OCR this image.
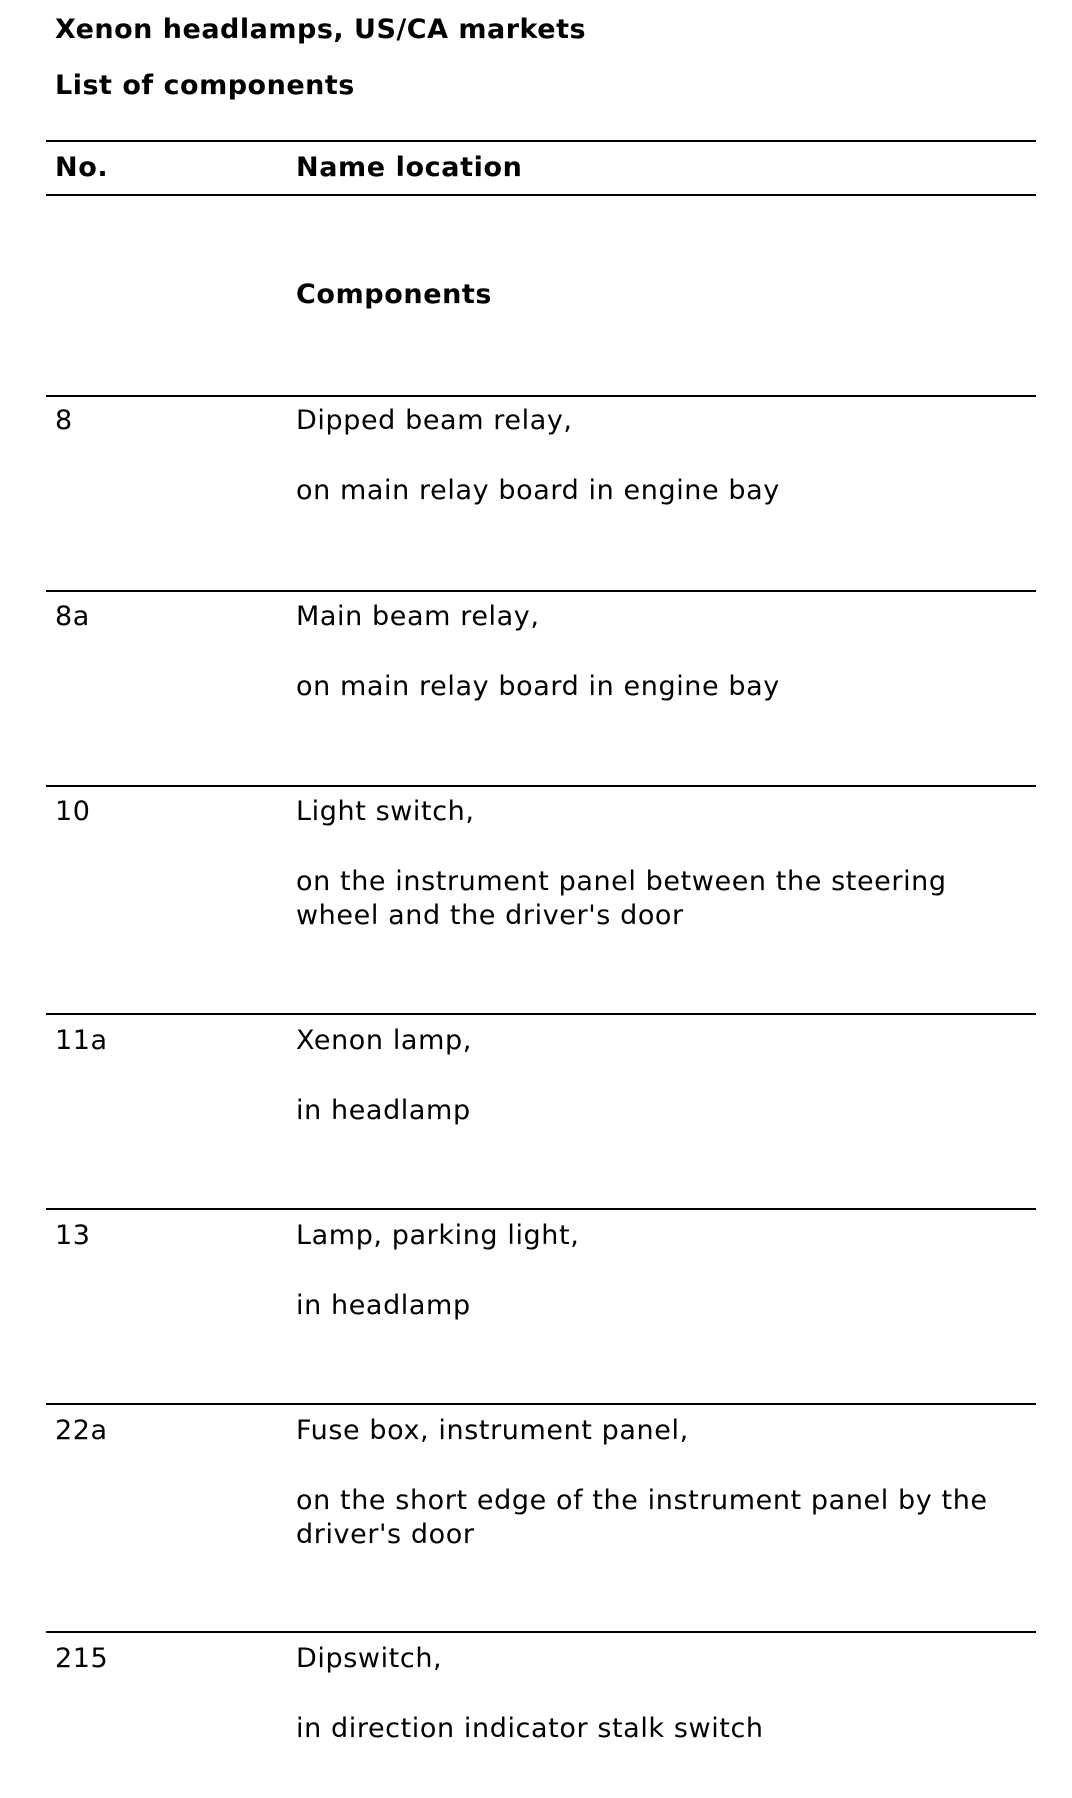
Xenon headlamps, US/CA markets
List of components
No.	Name location
Components
8	Dipped beam relay,
on main relay board in engine bay
8a	Main beam relay,
on main relay board in engine bay
10	Light switch,
on the instrument panel between the steering wheel and the driver's door
11a	Xenon lamp,
in headlamp
13	Lamp, parking light,
in headlamp
22a	Fuse box, instrument panel,
on the short edge of the instrument panel by the driver's door
215	Dipswitch,
in direction indicator stalk switch
